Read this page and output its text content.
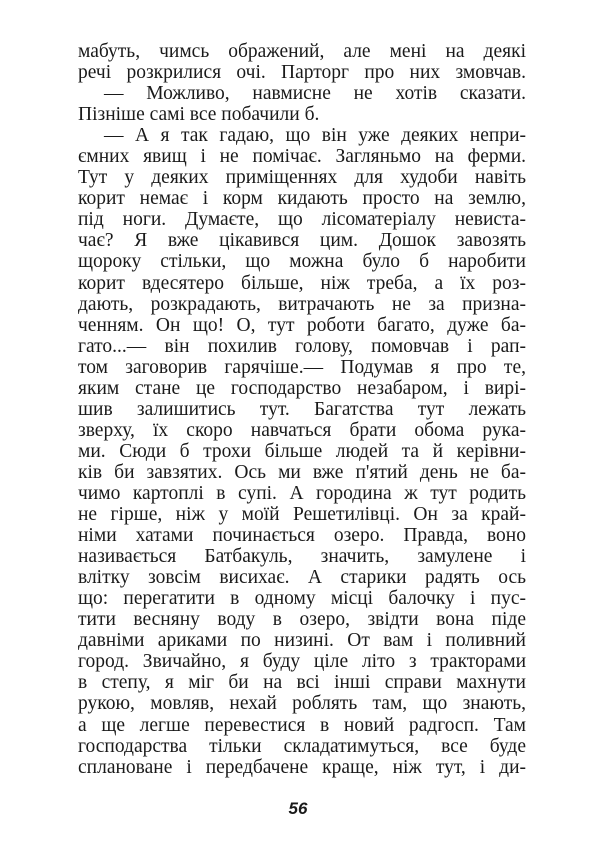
мабуть, чимсь ображений, але мені на деякі
речі розкрилися очі. Парторг про них змовчав.
— Можливо, навмисне не хотів сказати.
Пізніше самі все побачили б.
— А я так гадаю, що він уже деяких непри-
ємних явищ і не помічає. Загляньмо на ферми.
Тут у деяких приміщеннях для худоби навіть
корит немає і корм кидають просто на землю,
під ноги. Думаєте, що лісоматеріалу невиста-
чає? Я вже цікавився цим. Дошок завозять
щороку стільки, що можна було б наробити
корит вдесятеро більше, ніж треба, а їх роз-
дають, розкрадають, витрачають не за призна-
ченням. Он що! О, тут роботи багато, дуже ба-
гато...— він похилив голову, помовчав і рап-
том заговорив гарячіше.— Подумав я про те,
яким стане це господарство незабаром, і вирі-
шив залишитись тут. Багатства тут лежать
зверху, їх скоро навчаться брати обома рука-
ми. Сюди б трохи більше людей та й керівни-
ків би завзятих. Ось ми вже п'ятий день не ба-
чимо картоплі в супі. А городина ж тут родить
не гірше, ніж у моїй Решетилівці. Он за край-
німи хатами починається озеро. Правда, воно
називається Батбакуль, значить, замулене і
влітку зовсім висихає. А старики радять ось
що: перегатити в одному місці балочку і пус-
тити весняну воду в озеро, звідти вона піде
давніми ариками по низині. От вам і поливний
город. Звичайно, я буду ціле літо з тракторами
в степу, я міг би на всі інші справи махнути
рукою, мовляв, нехай роблять там, що знають,
а ще легше перевестися в новий радгосп. Там
господарства тільки складатимуться, все буде
сплановане і передбачене краще, ніж тут, і ди-
56
